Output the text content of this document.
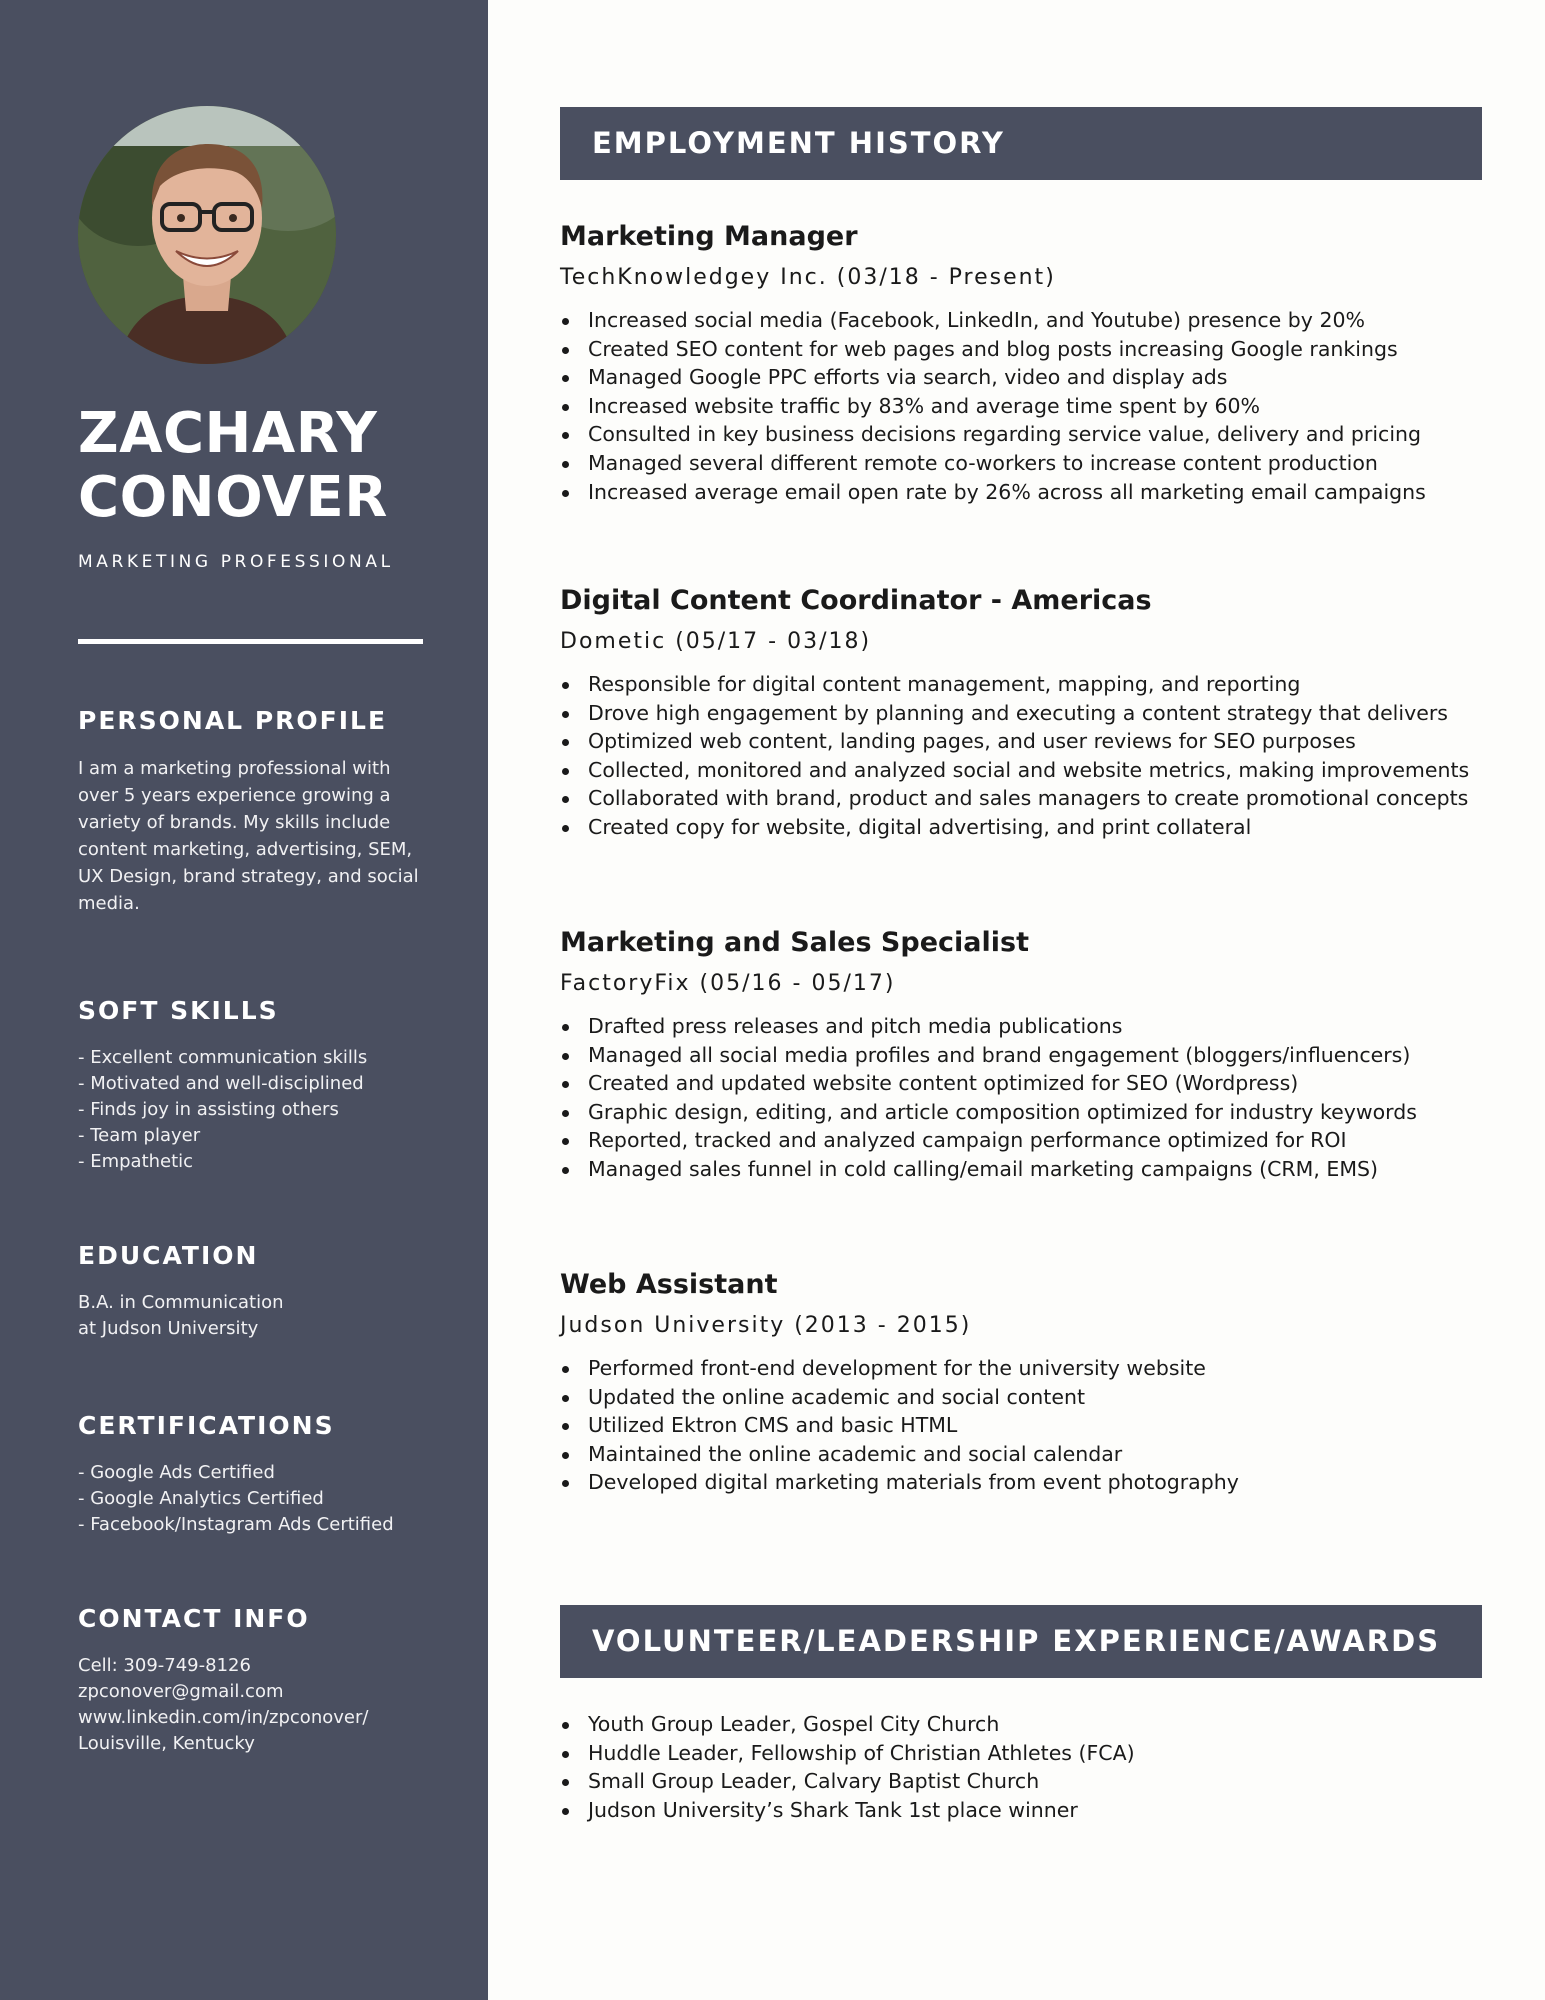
ZACHARY
CONOVER
MARKETING PROFESSIONAL
PERSONAL PROFILE
I am a marketing professional with over 5 years experience growing a variety of brands. My skills include content marketing, advertising, SEM, UX Design, brand strategy, and social media.
SOFT SKILLS
- Excellent communication skills
- Motivated and well-disciplined
- Finds joy in assisting others
- Team player
- Empathetic
EDUCATION
B.A. in Communication
at Judson University
CERTIFICATIONS
- Google Ads Certified
- Google Analytics Certified
- Facebook/Instagram Ads Certified
CONTACT INFO
Cell: 309-749-8126
zpconover@gmail.com
www.linkedin.com/in/zpconover/
Louisville, Kentucky
EMPLOYMENT HISTORY
Marketing Manager
TechKnowledgey Inc. (03/18 - Present)
Increased social media (Facebook, LinkedIn, and Youtube) presence by 20%
Created SEO content for web pages and blog posts increasing Google rankings
Managed Google PPC efforts via search, video and display ads
Increased website traffic by 83% and average time spent by 60%
Consulted in key business decisions regarding service value, delivery and pricing
Managed several different remote co-workers to increase content production
Increased average email open rate by 26% across all marketing email campaigns
Digital Content Coordinator - Americas
Dometic (05/17 - 03/18)
Responsible for digital content management, mapping, and reporting
Drove high engagement by planning and executing a content strategy that delivers
Optimized web content, landing pages, and user reviews for SEO purposes
Collected, monitored and analyzed social and website metrics, making improvements
Collaborated with brand, product and sales managers to create promotional concepts
Created copy for website, digital advertising, and print collateral
Marketing and Sales Specialist
FactoryFix (05/16 - 05/17)
Drafted press releases and pitch media publications
Managed all social media profiles and brand engagement (bloggers/influencers)
Created and updated website content optimized for SEO (Wordpress)
Graphic design, editing, and article composition optimized for industry keywords
Reported, tracked and analyzed campaign performance optimized for ROI
Managed sales funnel in cold calling/email marketing campaigns (CRM, EMS)
Web Assistant
Judson University (2013 - 2015)
Performed front-end development for the university website
Updated the online academic and social content
Utilized Ektron CMS and basic HTML
Maintained the online academic and social calendar
Developed digital marketing materials from event photography
VOLUNTEER/LEADERSHIP EXPERIENCE/AWARDS
Youth Group Leader, Gospel City Church
Huddle Leader, Fellowship of Christian Athletes (FCA)
Small Group Leader, Calvary Baptist Church
Judson University’s Shark Tank 1st place winner
